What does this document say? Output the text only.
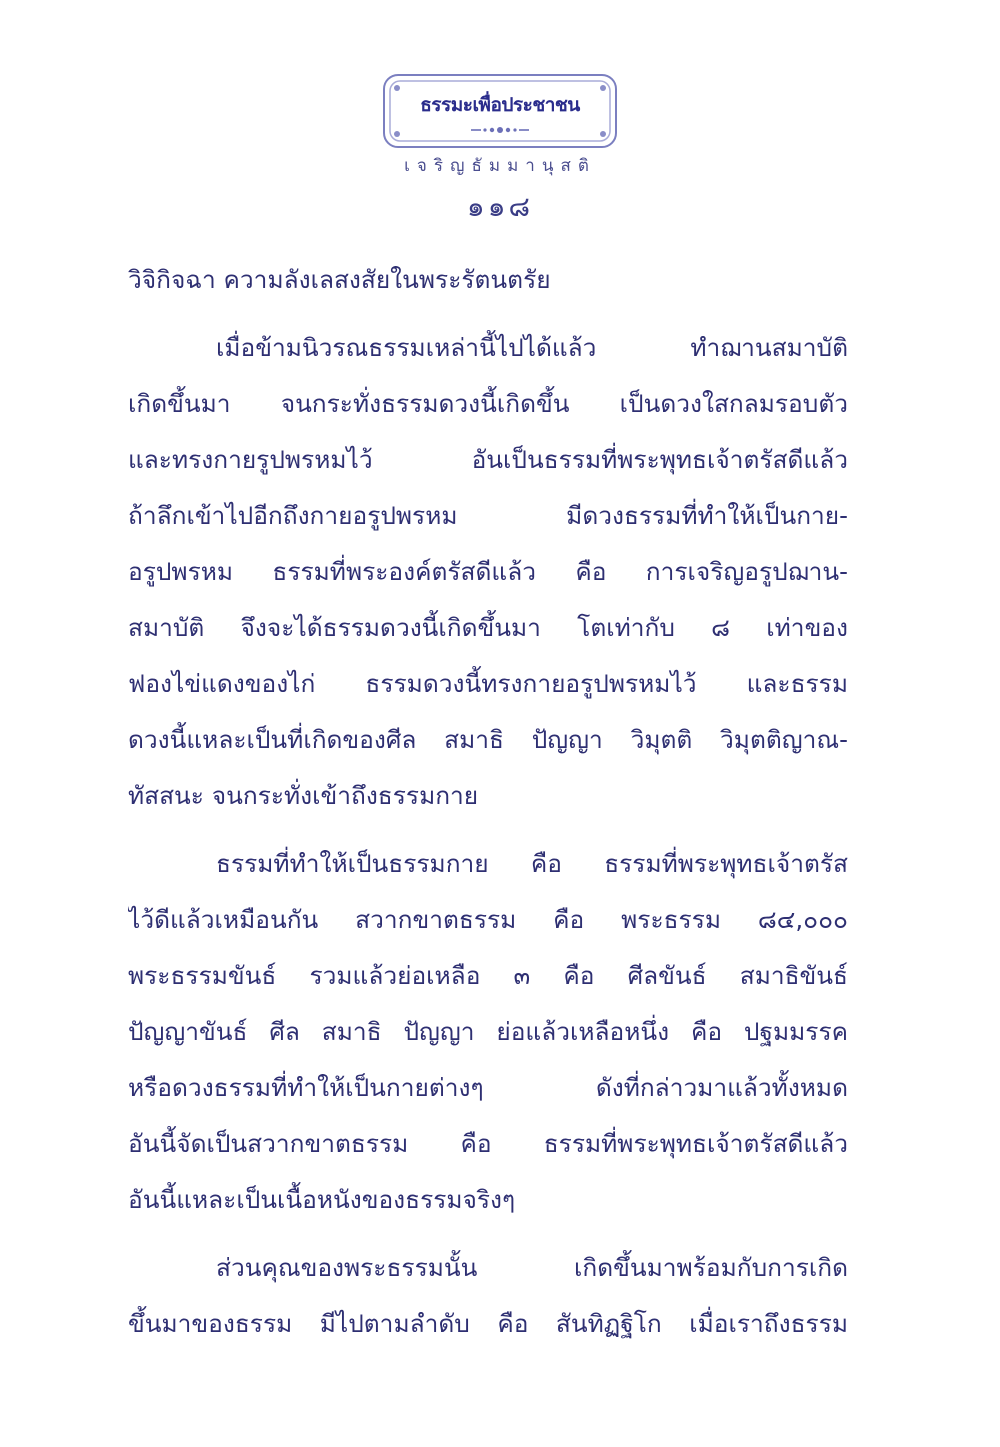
ธรรมะเพื่อประชาชน
เจริญธัมมานุสติ
๑๑๘
วิจิกิจฉา ความลังเลสงสัยในพระรัตนตรัย
เมื่อข้ามนิวรณธรรมเหล่านี้ไปได้แล้ว ทำฌานสมาบัติ
เกิดขึ้นมา จนกระทั่งธรรมดวงนี้เกิดขึ้น เป็นดวงใสกลมรอบตัว
และทรงกายรูปพรหมไว้ อันเป็นธรรมที่พระพุทธเจ้าตรัสดีแล้ว
ถ้าลึกเข้าไปอีกถึงกายอรูปพรหม มีดวงธรรมที่ทำให้เป็นกาย-
อรูปพรหม ธรรมที่พระองค์ตรัสดีแล้ว คือ การเจริญอรูปฌาน-
สมาบัติ จึงจะได้ธรรมดวงนี้เกิดขึ้นมา โตเท่ากับ ๘ เท่าของ
ฟองไข่แดงของไก่ ธรรมดวงนี้ทรงกายอรูปพรหมไว้ และธรรม
ดวงนี้แหละเป็นที่เกิดของศีล สมาธิ ปัญญา วิมุตติ วิมุตติญาณ-
ทัสสนะ จนกระทั่งเข้าถึงธรรมกาย
ธรรมที่ทำให้เป็นธรรมกาย คือ ธรรมที่พระพุทธเจ้าตรัส
ไว้ดีแล้วเหมือนกัน สวากขาตธรรม คือ พระธรรม ๘๔,๐๐๐
พระธรรมขันธ์ รวมแล้วย่อเหลือ ๓ คือ ศีลขันธ์ สมาธิขันธ์
ปัญญาขันธ์ ศีล สมาธิ ปัญญา ย่อแล้วเหลือหนึ่ง คือ ปฐมมรรค
หรือดวงธรรมที่ทำให้เป็นกายต่างๆ ดังที่กล่าวมาแล้วทั้งหมด
อันนี้จัดเป็นสวากขาตธรรม คือ ธรรมที่พระพุทธเจ้าตรัสดีแล้ว
อันนี้แหละเป็นเนื้อหนังของธรรมจริงๆ
ส่วนคุณของพระธรรมนั้น เกิดขึ้นมาพร้อมกับการเกิด
ขึ้นมาของธรรม มีไปตามลำดับ คือ สันทิฏฐิโก เมื่อเราถึงธรรม
